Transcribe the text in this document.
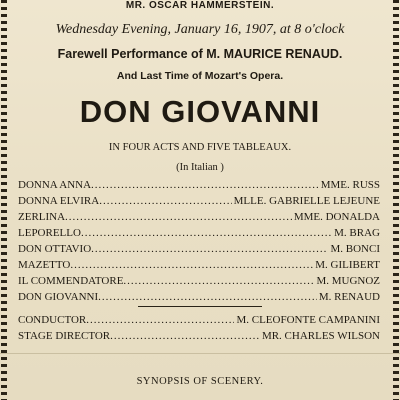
MR. OSCAR HAMMERSTEIN.
Wednesday Evening, January 16, 1907, at 8 o'clock
Farewell Performance of M. MAURICE RENAUD.
And Last Time of Mozart's Opera.
DON GIOVANNI
IN FOUR ACTS AND FIVE TABLEAUX.
(In Italian )
DONNA ANNA .....	MME. RUSS
DONNA ELVIRA .....	MLLE. GABRIELLE LEJEUNE
ZERLINA .....	MME. DONALDA
LEPORELLO .....	M. BRAG
DON OTTAVIO .....	M. BONCI
MAZETTO .....	M. GILIBERT
IL COMMENDATORE .....	M. MUGNOZ
DON GIOVANNI .....	M. RENAUD
CONDUCTOR .....	M. CLEOFONTE CAMPANINI
STAGE DIRECTOR .....	MR. CHARLES WILSON
SYNOPSIS OF SCENERY.
